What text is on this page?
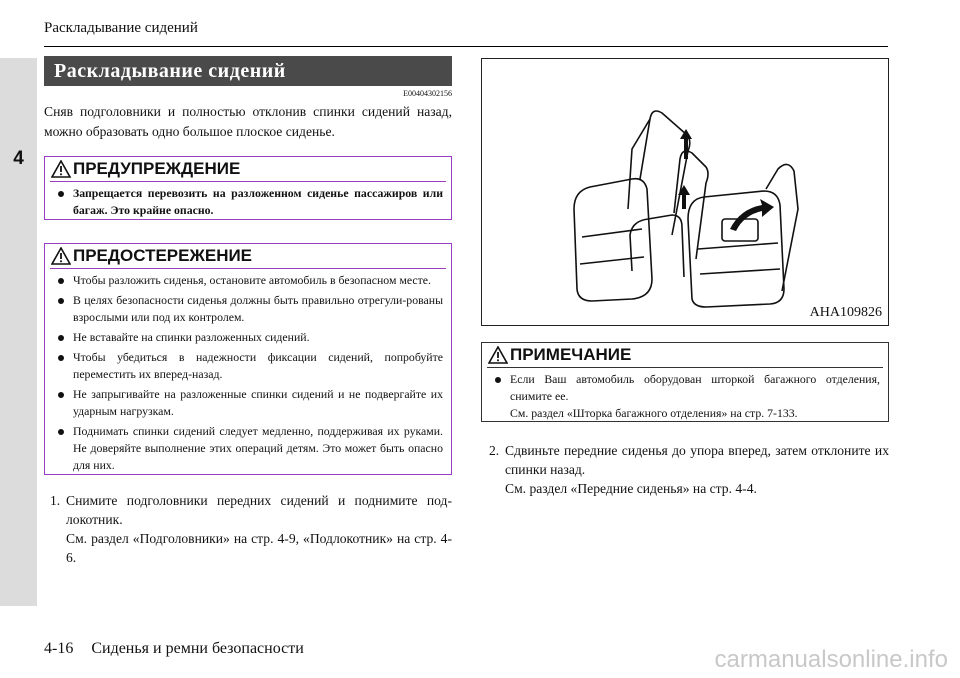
Раскладывание сидений
4
Раскладывание сидений
E00404302156
Сняв подголовники и полностью отклонив спинки сидений назад, можно образовать одно большое плоское сиденье.
ПРЕДУПРЕЖДЕНИЕ
Запрещается перевозить на разложенном сиденье пассажиров или багаж. Это крайне опасно.
ПРЕДОСТЕРЕЖЕНИЕ
Чтобы разложить сиденья, остановите автомобиль в безопасном месте.
В целях безопасности сиденья должны быть правильно отрегули-рованы взрослыми или под их контролем.
Не вставайте на спинки разложенных сидений.
Чтобы убедиться в надежности фиксации сидений, попробуйте переместить их вперед-назад.
Не запрыгивайте на разложенные спинки сидений и не подвергайте их ударным нагрузкам.
Поднимать спинки сидений следует медленно, поддерживая их руками. Не доверяйте выполнение этих операций детям. Это может быть опасно для них.
1. Снимите подголовники передних сидений и поднимите под-локотник.
См. раздел «Подголовники» на стр. 4-9, «Подлокотник» на стр. 4-6.
AHA109826
ПРИМЕЧАНИЕ
Если Ваш автомобиль оборудован шторкой багажного отделения, снимите ее.
См. раздел «Шторка багажного отделения» на стр. 7-133.
2. Сдвиньте передние сиденья до упора вперед, затем отклоните их спинки назад.
См. раздел «Передние сиденья» на стр. 4-4.
4-16 Сиденья и ремни безопасности	carmanualsonline.info
